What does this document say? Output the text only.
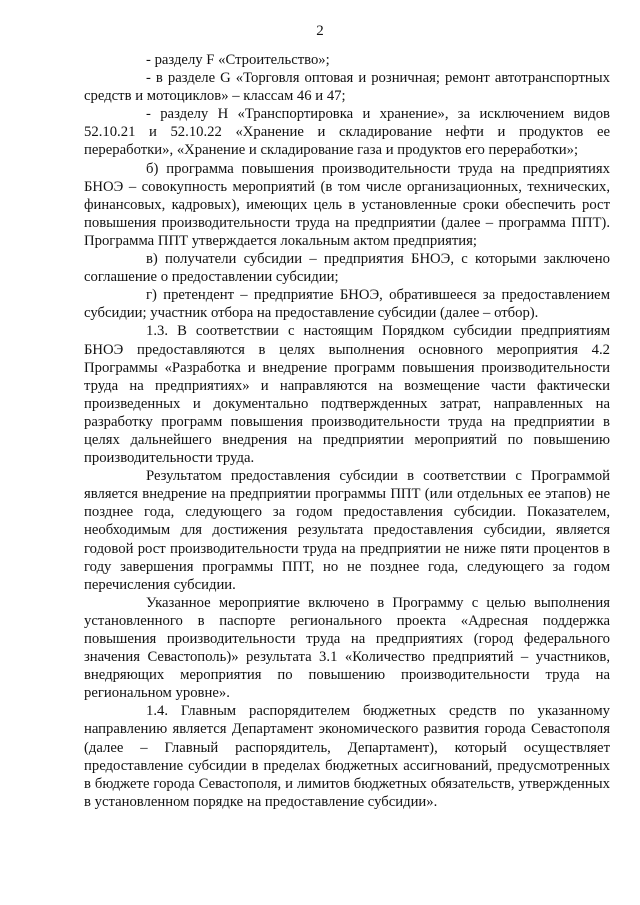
2

- разделу F «Строительство»;

- в разделе G «Торговля оптовая и розничная; ремонт автотранспортных средств и мотоциклов» – классам 46 и 47;

- разделу H «Транспортировка и хранение», за исключением видов 52.10.21 и 52.10.22 «Хранение и складирование нефти и продуктов ее переработки», «Хранение и складирование газа и продуктов его переработки»;

б) программа повышения производительности труда на предприятиях БНОЭ – совокупность мероприятий (в том числе организационных, технических, финансовых, кадровых), имеющих цель в установленные сроки обеспечить рост повышения производительности труда на предприятии (далее – программа ППТ). Программа ППТ утверждается локальным актом предприятия;

в) получатели субсидии – предприятия БНОЭ, с которыми заключено соглашение о предоставлении субсидии;

г) претендент – предприятие БНОЭ, обратившееся за предоставлением субсидии; участник отбора на предоставление субсидии (далее – отбор).

1.3. В соответствии с настоящим Порядком субсидии предприятиям БНОЭ предоставляются в целях выполнения основного мероприятия 4.2 Программы «Разработка и внедрение программ повышения производительности труда на предприятиях» и направляются на возмещение части фактически произведенных и документально подтвержденных затрат, направленных на разработку программ повышения производительности труда на предприятии в целях дальнейшего внедрения на предприятии мероприятий по повышению производительности труда.

Результатом предоставления субсидии в соответствии с Программой является внедрение на предприятии программы ППТ (или отдельных ее этапов) не позднее года, следующего за годом предоставления субсидии. Показателем, необходимым для достижения результата предоставления субсидии, является годовой рост производительности труда на предприятии не ниже пяти процентов в году завершения программы ППТ, но не позднее года, следующего за годом перечисления субсидии.

Указанное мероприятие включено в Программу с целью выполнения установленного в паспорте регионального проекта «Адресная поддержка повышения производительности труда на предприятиях (город федерального значения Севастополь)» результата 3.1 «Количество предприятий – участников, внедряющих мероприятия по повышению производительности труда на региональном уровне».

1.4. Главным распорядителем бюджетных средств по указанному направлению является Департамент экономического развития города Севастополя (далее – Главный распорядитель, Департамент), который осуществляет предоставление субсидии в пределах бюджетных ассигнований, предусмотренных в бюджете города Севастополя, и лимитов бюджетных обязательств, утвержденных в установленном порядке на предоставление субсидии».
